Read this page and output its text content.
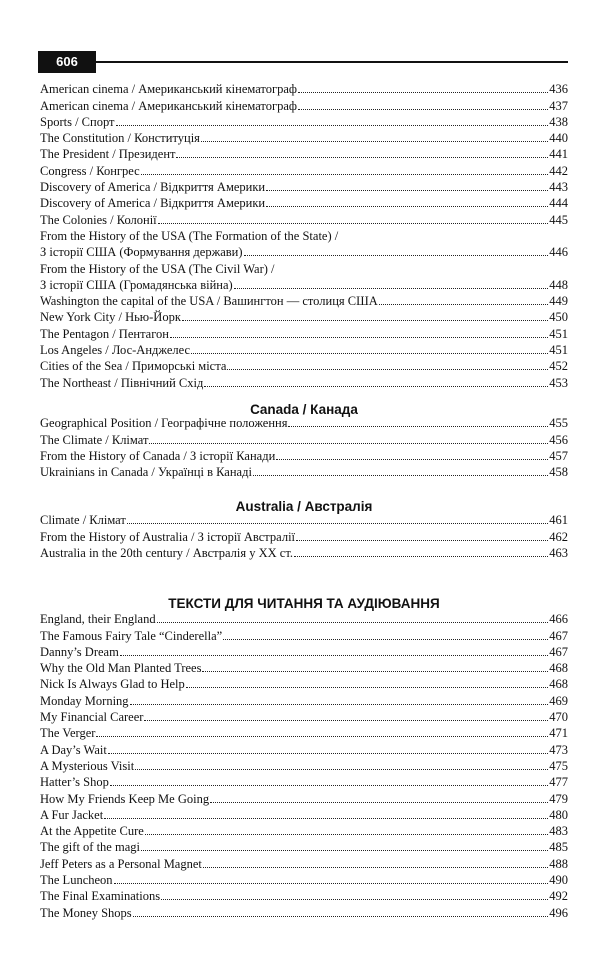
606
American cinema / Американський кінематограф	436
American cinema / Американський кінематограф	437
Sports / Спорт	438
The Constitution / Конституція	440
The President / Президент	441
Congress / Конгрес	442
Discovery of America / Відкриття Америки	443
Discovery of America / Відкриття Америки	444
The Colonies / Колонії	445
From the History of the USA (The Formation of the State) /
З історії США (Формування держави)	446
From the History of the USA (The Civil War) /
З історії США (Громадянська війна)	448
Washington the capital of the USA / Вашингтон — столиця США	449
New York City / Нью-Йорк	450
The Pentagon / Пентагон	451
Los Angeles / Лос-Анджелес	451
Cities of the Sea / Приморські міста	452
The Northeast / Північний Схід	453
Canada / Канада
Geographical Position / Географічне положення	455
The Climate / Клімат	456
From the History of Canada / З історії Канади	457
Ukrainians in Canada / Українці в Канаді	458
Australia / Австралія
Climate / Клімат	461
From the History of Australia / З історії Австралії	462
Australia in the 20th century / Австралія у XX ст.	463
ТЕКСТИ ДЛЯ ЧИТАННЯ ТА АУДІЮВАННЯ
England, their England	466
The Famous Fairy Tale “Cinderella”	467
Danny’s Dream	467
Why the Old Man Planted Trees	468
Nick Is Always Glad to Help	468
Monday Morning	469
My Financial Career	470
The Verger	471
A Day’s Wait	473
A Mysterious Visit	475
Hatter’s Shop	477
How My Friends Keep Me Going	479
A Fur Jacket	480
At the Appetite Cure	483
The gift of the magi	485
Jeff Peters as a Personal Magnet	488
The Luncheon	490
The Final Examinations	492
The Money Shops	496
